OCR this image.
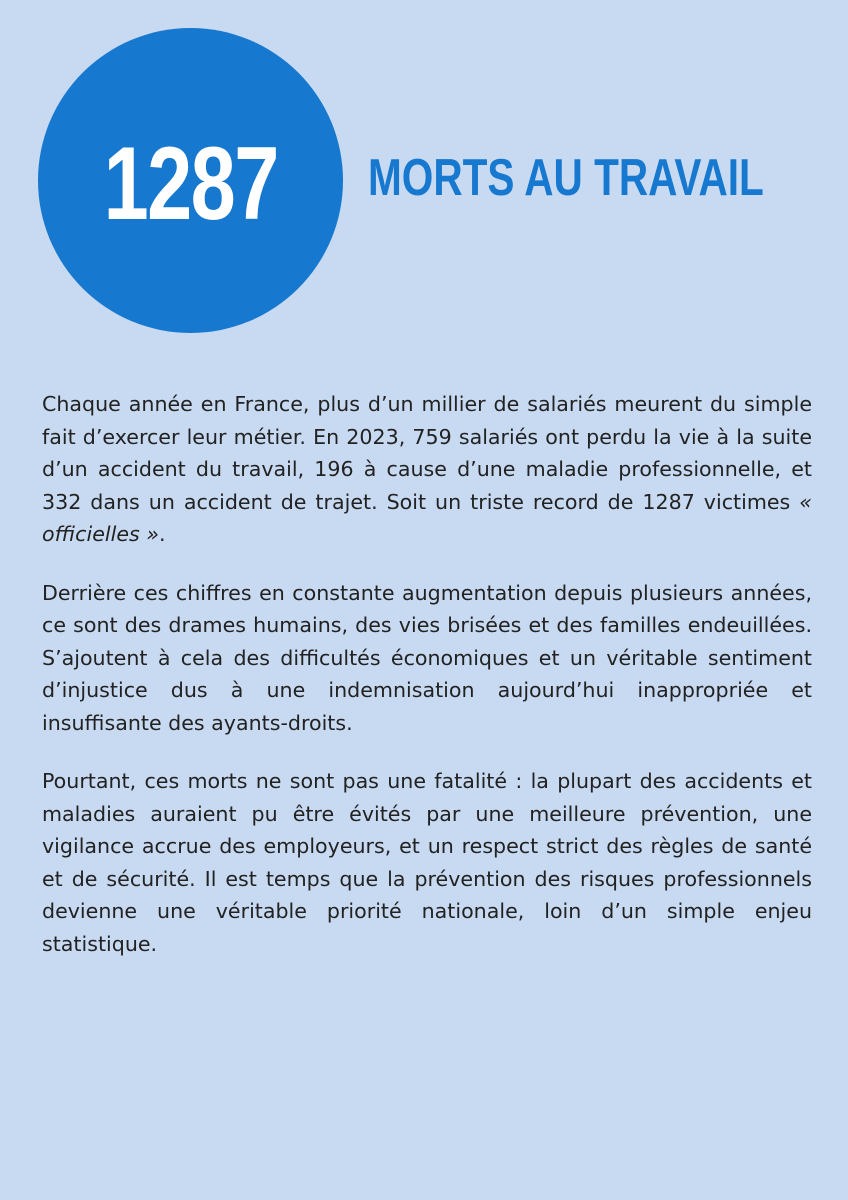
1287 MORTS AU TRAVAIL

Chaque année en France, plus d’un millier de salariés meurent du simple fait d’exercer leur métier. En 2023, 759 salariés ont perdu la vie à la suite d’un accident du travail, 196 à cause d’une maladie professionnelle, et 332 dans un accident de trajet. Soit un triste record de 1287 victimes « officielles ».

Derrière ces chiffres en constante augmentation depuis plusieurs années, ce sont des drames humains, des vies brisées et des familles endeuillées. S’ajoutent à cela des difficultés économiques et un véritable sentiment d’injustice dus à une indemnisation aujourd’hui inappropriée et insuffisante des ayants-droits.

Pourtant, ces morts ne sont pas une fatalité : la plupart des accidents et maladies auraient pu être évités par une meilleure prévention, une vigilance accrue des employeurs, et un respect strict des règles de santé et de sécurité. Il est temps que la prévention des risques professionnels devienne une véritable priorité nationale, loin d’un simple enjeu statistique.
